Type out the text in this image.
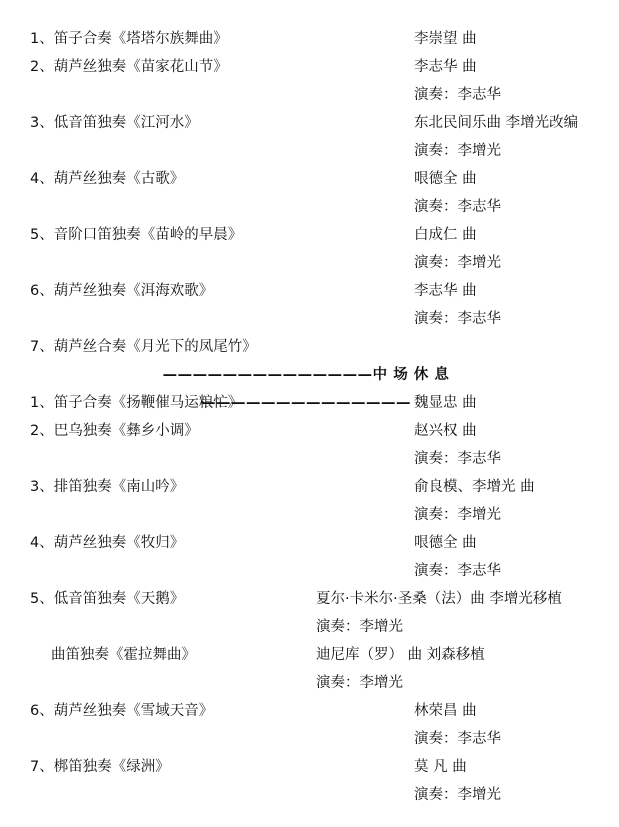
1、笛子合奏《塔塔尔族舞曲》	李崇望 曲
2、葫芦丝独奏《苗家花山节》	李志华 曲
演奏：李志华
3、低音笛独奏《江河水》	东北民间乐曲 李增光改编
演奏：李增光
4、葫芦丝独奏《古歌》	哏德全 曲
演奏：李志华
5、音阶口笛独奏《苗岭的早晨》	白成仁 曲
演奏：李增光
6、葫芦丝独奏《洱海欢歌》	李志华 曲
演奏：李志华
7、葫芦丝合奏《月光下的凤尾竹》
——————————————中 场 休 息——————————————
1、笛子合奏《扬鞭催马运粮忙》	魏显忠 曲
2、巴乌独奏《彝乡小调》	赵兴权 曲
演奏：李志华
3、排笛独奏《南山吟》	俞良模、李增光 曲
演奏：李增光
4、葫芦丝独奏《牧归》	哏德全 曲
演奏：李志华
5、低音笛独奏《天鹅》	夏尔·卡米尔·圣桑（法）曲 李增光移植
演奏：李增光
曲笛独奏《霍拉舞曲》	迪尼库（罗） 曲 刘森移植
演奏：李增光
6、葫芦丝独奏《雪域天音》	林荣昌 曲
演奏：李志华
7、梆笛独奏《绿洲》	莫 凡 曲
演奏：李增光
